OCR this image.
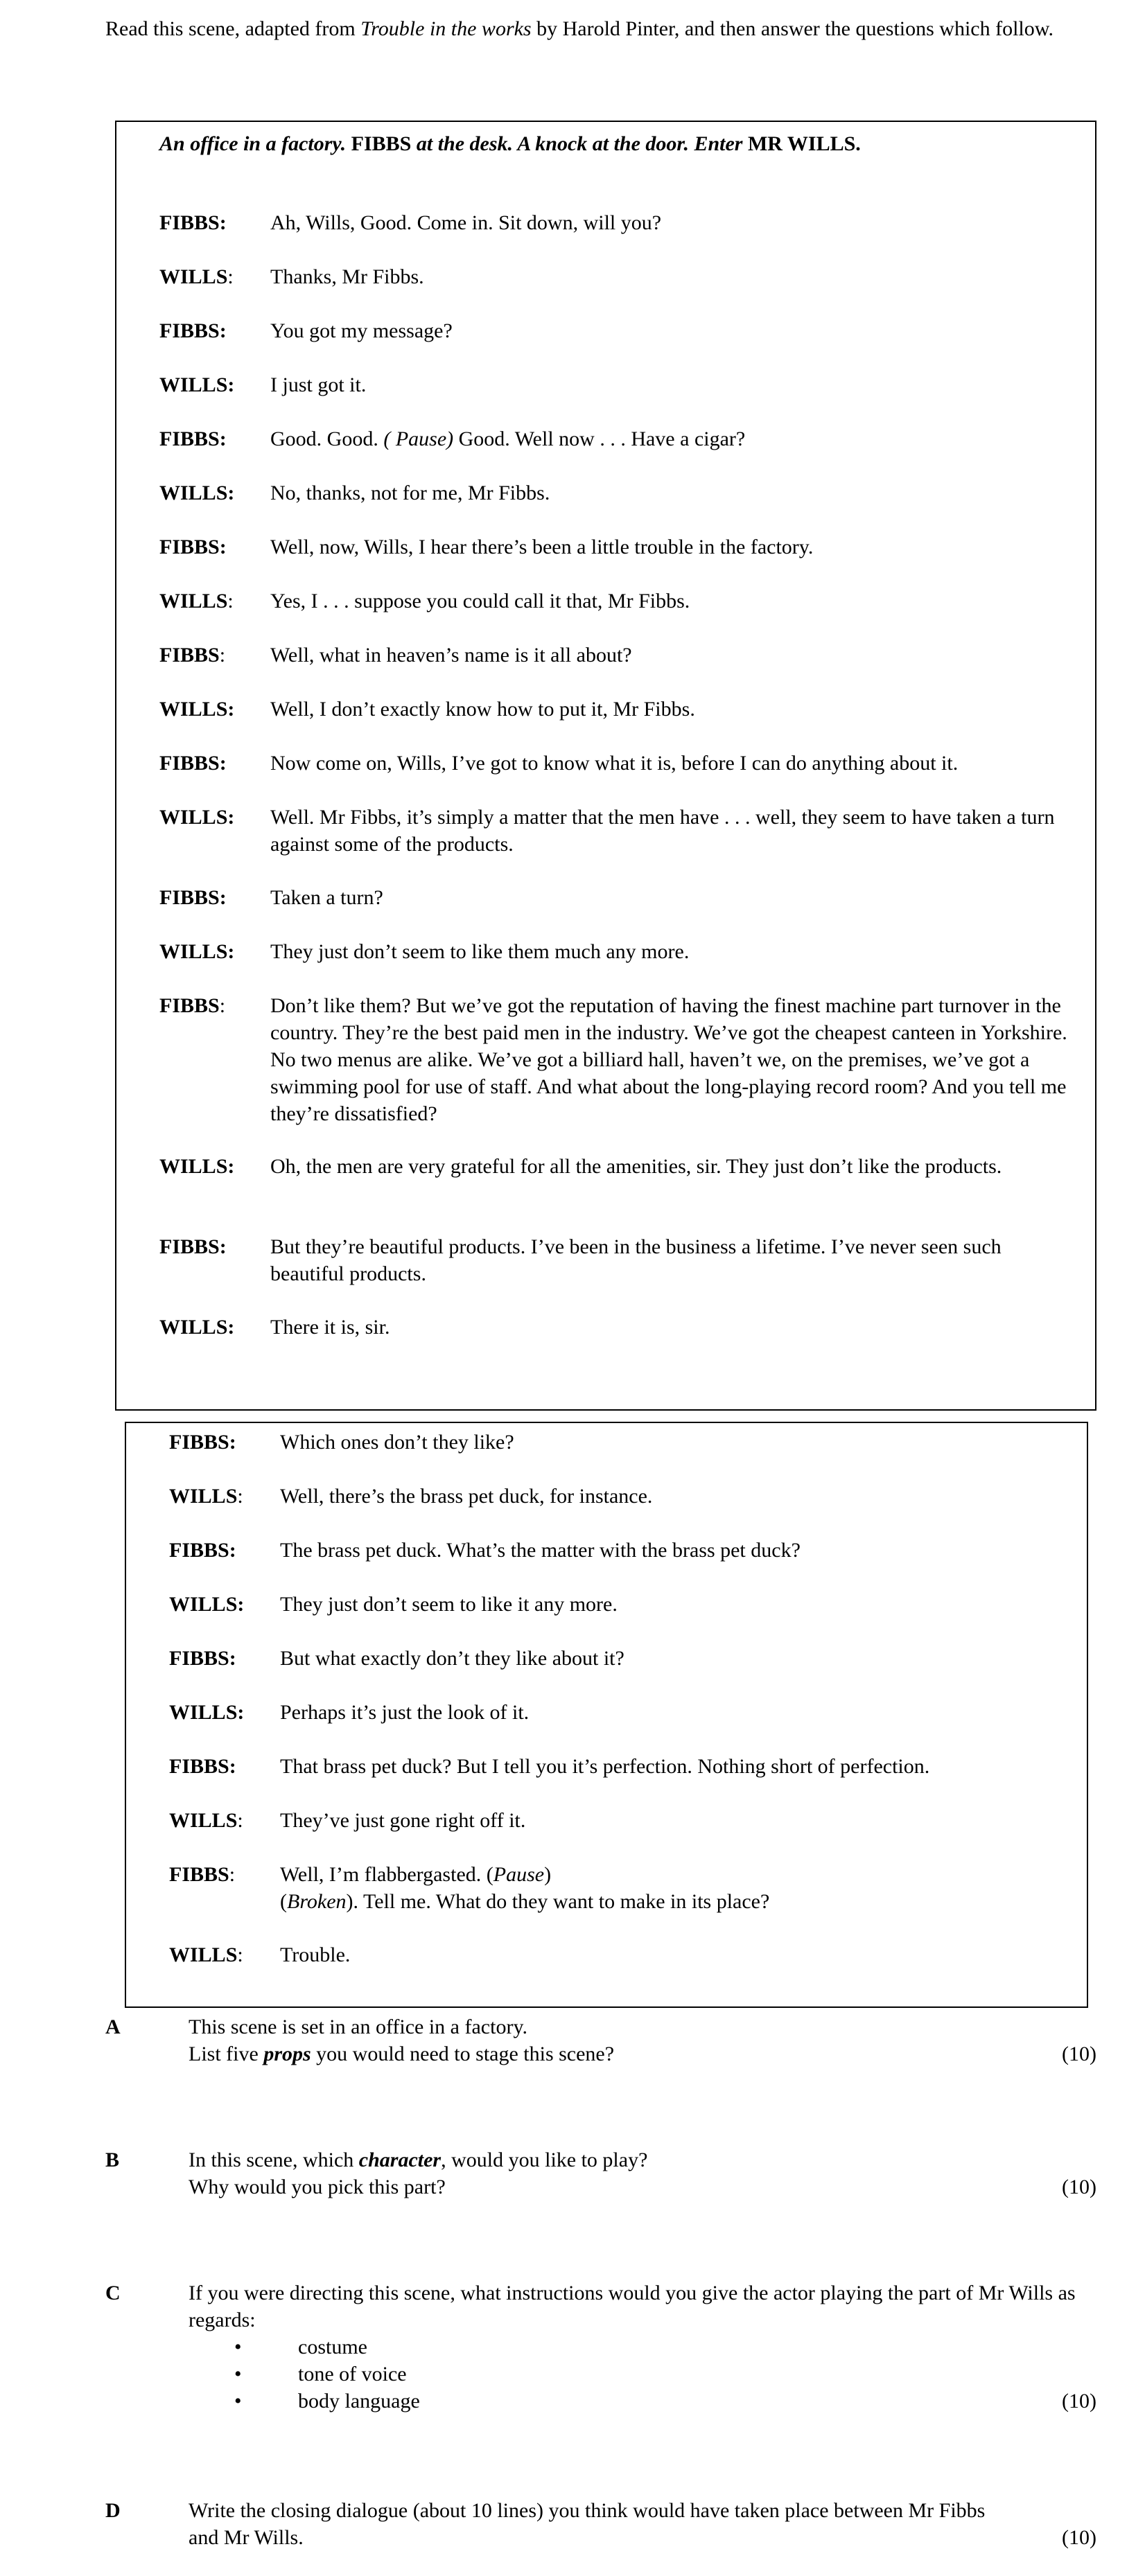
Read this scene, adapted from Trouble in the works by Harold Pinter, and then answer the questions which follow.
An office in a factory. FIBBS at the desk. A knock at the door. Enter MR WILLS.
FIBBS: Ah, Wills, Good. Come in. Sit down, will you?
WILLS: Thanks, Mr Fibbs.
FIBBS: You got my message?
WILLS: I just got it.
FIBBS: Good. Good. ( Pause) Good. Well now . . . Have a cigar?
WILLS: No, thanks, not for me, Mr Fibbs.
FIBBS: Well, now, Wills, I hear there’s been a little trouble in the factory.
WILLS: Yes, I . . . suppose you could call it that, Mr Fibbs.
FIBBS: Well, what in heaven’s name is it all about?
WILLS: Well, I don’t exactly know how to put it, Mr Fibbs.
FIBBS: Now come on, Wills, I’ve got to know what it is, before I can do anything about it.
WILLS: Well. Mr Fibbs, it’s simply a matter that the men have . . . well, they seem to have taken a turn against some of the products.
FIBBS: Taken a turn?
WILLS: They just don’t seem to like them much any more.
FIBBS: Don’t like them? But we’ve got the reputation of having the finest machine part turnover in the country. They’re the best paid men in the industry. We’ve got the cheapest canteen in Yorkshire. No two menus are alike. We’ve got a billiard hall, haven’t we, on the premises, we’ve got a swimming pool for use of staff. And what about the long-playing record room? And you tell me they’re dissatisfied?
WILLS: Oh, the men are very grateful for all the amenities, sir. They just don’t like the products.
FIBBS: But they’re beautiful products. I’ve been in the business a lifetime. I’ve never seen such beautiful products.
WILLS: There it is, sir.
FIBBS: Which ones don’t they like?
WILLS: Well, there’s the brass pet duck, for instance.
FIBBS: The brass pet duck. What’s the matter with the brass pet duck?
WILLS: They just don’t seem to like it any more.
FIBBS: But what exactly don’t they like about it?
WILLS: Perhaps it’s just the look of it.
FIBBS: That brass pet duck? But I tell you it’s perfection. Nothing short of perfection.
WILLS: They’ve just gone right off it.
FIBBS: Well, I’m flabbergasted. (Pause)
(Broken). Tell me. What do they want to make in its place?
WILLS: Trouble.
A	This scene is set in an office in a factory.
List five props you would need to stage this scene?	(10)
B	In this scene, which character, would you like to play?
Why would you pick this part?	(10)
C	If you were directing this scene, what instructions would you give the actor playing the part of Mr Wills as regards:
•	costume
•	tone of voice
•	body language	(10)
D	Write the closing dialogue (about 10 lines) you think would have taken place between Mr Fibbs and Mr Wills.	(10)
